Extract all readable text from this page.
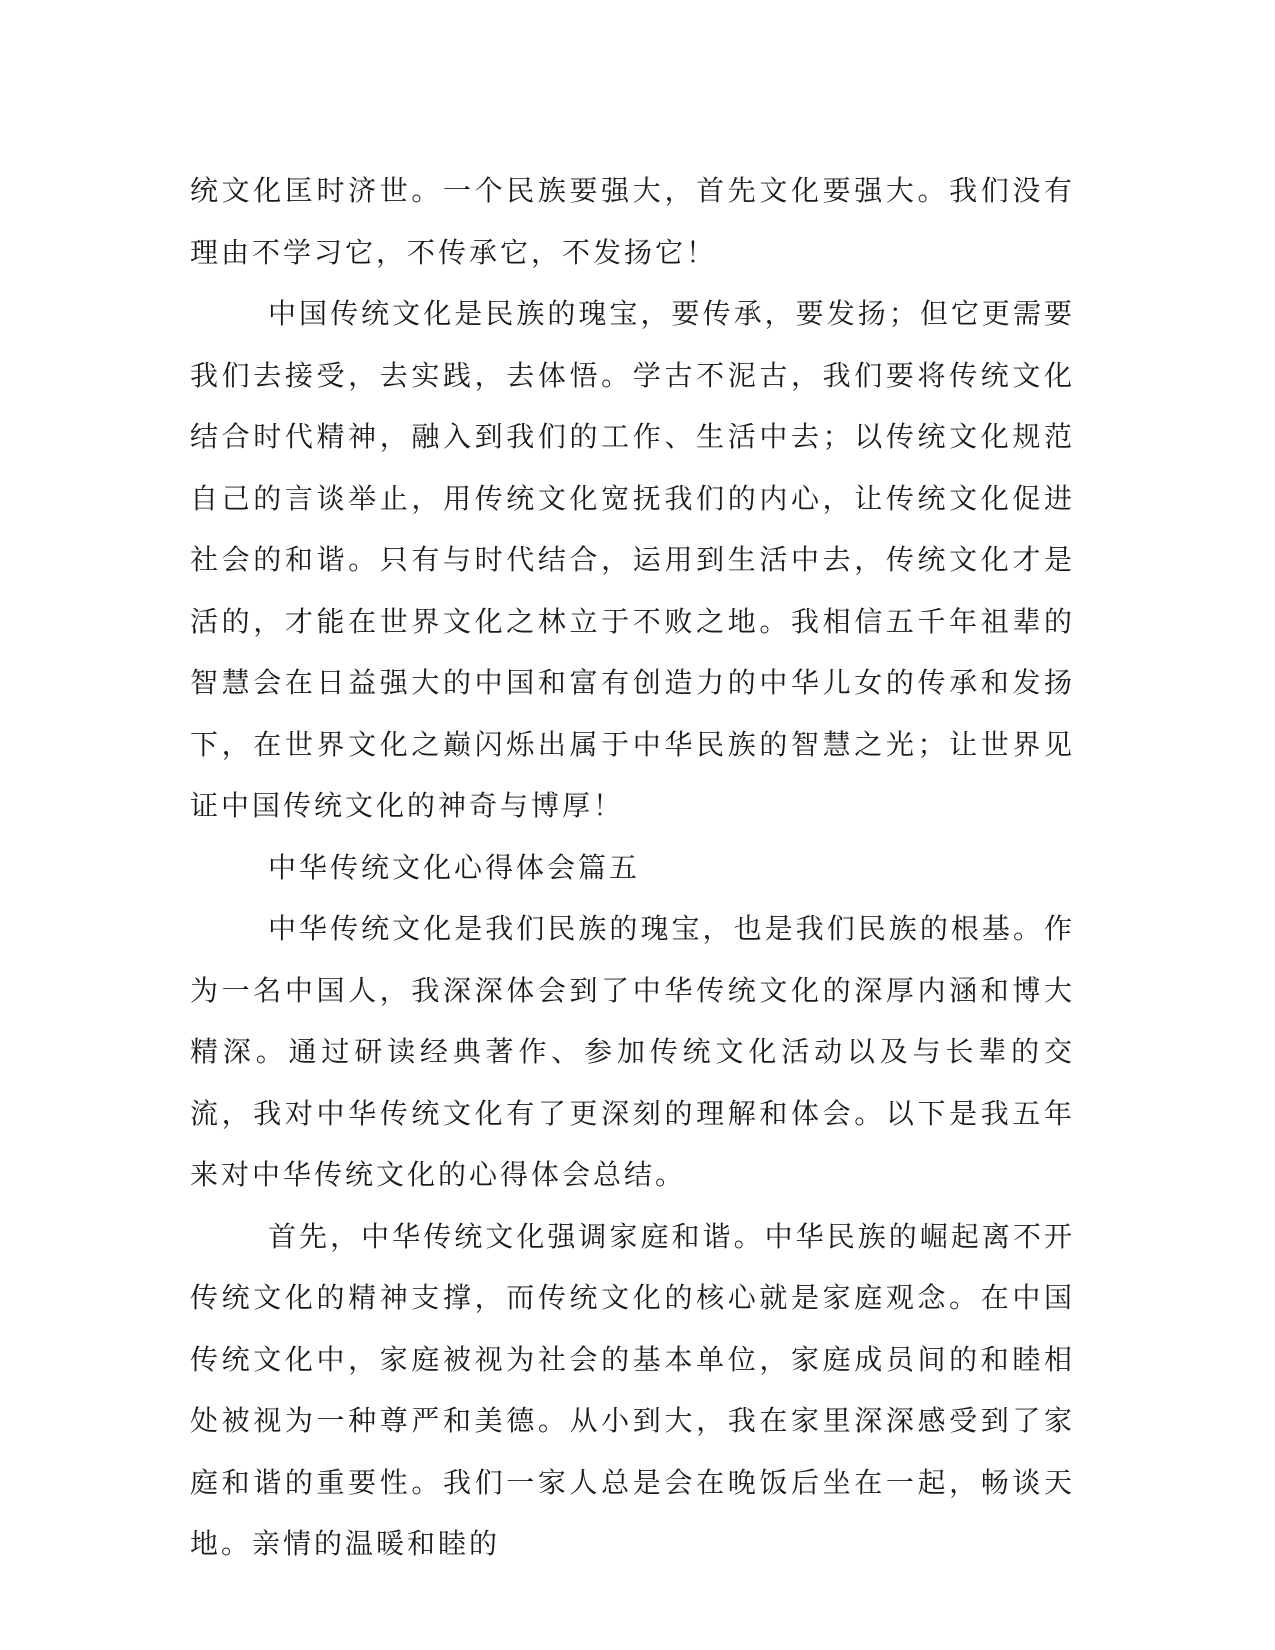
统文化匡时济世。一个民族要强大，首先文化要强大。我们没有理由不学习它，不传承它，不发扬它！

中国传统文化是民族的瑰宝，要传承，要发扬；但它更需要我们去接受，去实践，去体悟。学古不泥古，我们要将传统文化结合时代精神，融入到我们的工作、生活中去；以传统文化规范自己的言谈举止，用传统文化宽抚我们的内心，让传统文化促进社会的和谐。只有与时代结合，运用到生活中去，传统文化才是活的，才能在世界文化之林立于不败之地。我相信五千年祖辈的智慧会在日益强大的中国和富有创造力的中华儿女的传承和发扬下，在世界文化之巅闪烁出属于中华民族的智慧之光；让世界见证中国传统文化的神奇与博厚！

中华传统文化心得体会篇五

中华传统文化是我们民族的瑰宝，也是我们民族的根基。作为一名中国人，我深深体会到了中华传统文化的深厚内涵和博大精深。通过研读经典著作、参加传统文化活动以及与长辈的交流，我对中华传统文化有了更深刻的理解和体会。以下是我五年来对中华传统文化的心得体会总结。

首先，中华传统文化强调家庭和谐。中华民族的崛起离不开传统文化的精神支撑，而传统文化的核心就是家庭观念。在中国传统文化中，家庭被视为社会的基本单位，家庭成员间的和睦相处被视为一种尊严和美德。从小到大，我在家里深深感受到了家庭和谐的重要性。我们一家人总是会在晚饭后坐在一起，畅谈天地。亲情的温暖和睦的
